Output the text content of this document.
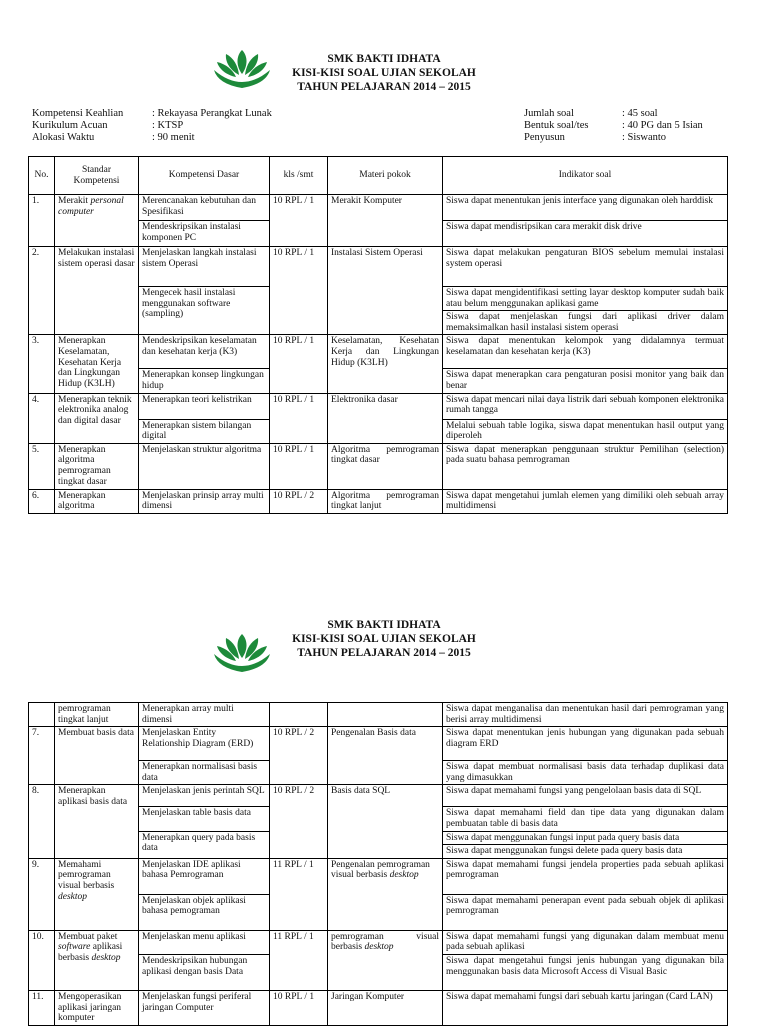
SMK BAKTI IDHATA
KISI-KISI SOAL UJIAN SEKOLAH
TAHUN PELAJARAN 2014 – 2015
Kompetensi Keahlian	: Rekayasa Perangkat Lunak
Kurikulum Acuan	: KTSP
Alokasi Waktu	: 90 menit
Jumlah soal	: 45 soal
Bentuk soal/tes	: 40 PG dan 5 Isian
Penyusun	: Siswanto
No.	Standar Kompetensi	Kompetensi Dasar	kls /smt	Materi pokok	Indikator soal
1.	Merakit personal computer	Merencanakan kebutuhan dan Spesifikasi	10 RPL / 1	Merakit Komputer	Siswa dapat menentukan jenis interface yang digunakan oleh harddisk
		Mendeskripsikan instalasi komponen PC			Siswa dapat mendisripsikan cara merakit disk drive
2.	Melakukan instalasi sistem operasi dasar	Menjelaskan langkah instalasi sistem Operasi	10 RPL / 1	Instalasi Sistem Operasi	Siswa dapat melakukan pengaturan BIOS sebelum memulai instalasi system operasi
		Mengecek hasil instalasi menggunakan software (sampling)			Siswa dapat mengidentifikasi setting layar desktop komputer sudah baik atau belum menggunakan aplikasi game
					Siswa dapat menjelaskan fungsi dari aplikasi driver dalam memaksimalkan hasil instalasi sistem operasi
3.	Menerapkan Keselamatan, Kesehatan Kerja dan Lingkungan Hidup (K3LH)	Mendeskripsikan keselamatan dan kesehatan kerja (K3)	10 RPL / 1	Keselamatan, Kesehatan Kerja dan Lingkungan Hidup (K3LH)	Siswa dapat menentukan kelompok yang didalamnya termuat keselamatan dan kesehatan kerja (K3)
		Menerapkan konsep lingkungan hidup			Siswa dapat menerapkan cara pengaturan posisi monitor yang baik dan benar
4.	Menerapkan teknik elektronika analog dan digital dasar	Menerapkan teori kelistrikan	10 RPL / 1	Elektronika dasar	Siswa dapat mencari nilai daya listrik dari sebuah komponen elektronika rumah tangga
		Menerapkan sistem bilangan digital			Melalui sebuah table logika, siswa dapat menentukan hasil output yang diperoleh
5.	Menerapkan algoritma pemrograman tingkat dasar	Menjelaskan struktur algoritma	10 RPL / 1	Algoritma pemrograman tingkat dasar	Siswa dapat menerapkan penggunaan struktur Pemilihan (selection) pada suatu bahasa pemrograman
6.	Menerapkan algoritma	Menjelaskan prinsip array multi dimensi	10 RPL / 2	Algoritma pemrograman tingkat lanjut	Siswa dapat mengetahui jumlah elemen yang dimiliki oleh sebuah array multidimensi
SMK BAKTI IDHATA
KISI-KISI SOAL UJIAN SEKOLAH
TAHUN PELAJARAN 2014 – 2015
	pemrograman tingkat lanjut	Menerapkan array multi dimensi			Siswa dapat menganalisa dan menentukan hasil dari pemrograman yang berisi array multidimensi
7.	Membuat basis data	Menjelaskan Entity Relationship Diagram (ERD)	10 RPL / 2	Pengenalan Basis data	Siswa dapat menentukan jenis hubungan yang digunakan pada sebuah diagram ERD
		Menerapkan normalisasi basis data			Siswa dapat membuat normalisasi basis data terhadap duplikasi data yang dimasukkan
8.	Menerapkan aplikasi basis data	Menjelaskan jenis perintah SQL	10 RPL / 2	Basis data SQL	Siswa dapat memahami fungsi yang pengelolaan basis data di SQL
		Menjelaskan table basis data			Siswa dapat memahami field dan tipe data yang digunakan dalam pembuatan table di basis data
		Menerapkan query pada basis data			Siswa dapat menggunakan fungsi input pada query basis data
					Siswa dapat menggunakan fungsi delete pada query basis data
9.	Memahami pemrograman visual berbasis desktop	Menjelaskan IDE aplikasi bahasa Pemrograman	11 RPL / 1	Pengenalan pemrograman visual berbasis desktop	Siswa dapat memahami fungsi jendela properties pada sebuah aplikasi pemrograman
		Menjelaskan objek aplikasi bahasa pemograman			Siswa dapat memahami penerapan event pada sebuah objek di aplikasi pemrograman
10.	Membuat paket software aplikasi berbasis desktop	Menjelaskan menu aplikasi	11 RPL / 1	pemrograman visual berbasis desktop	Siswa dapat memahami fungsi yang digunakan dalam membuat menu pada sebuah aplikasi
		Mendeskripsikan hubungan aplikasi dengan basis Data			Siswa dapat mengetahui fungsi jenis hubungan yang digunakan bila menggunakan basis data Microsoft Access di Visual Basic
11.	Mengoperasikan aplikasi jaringan komputer	Menjelaskan fungsi periferal jaringan Computer	10 RPL / 1	Jaringan Komputer	Siswa dapat memahami fungsi dari sebuah kartu jaringan (Card LAN)
